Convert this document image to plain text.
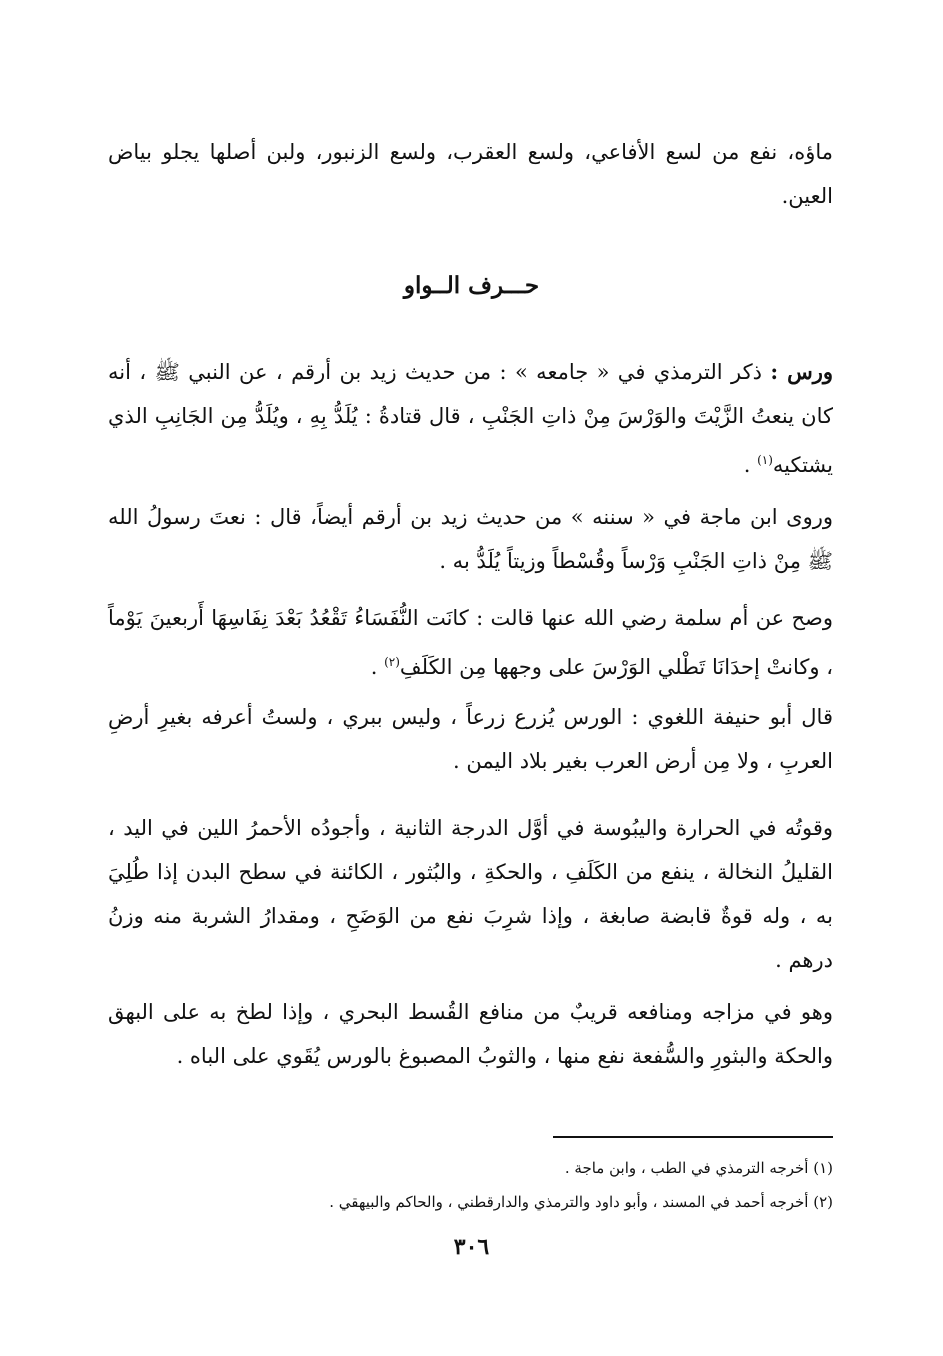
ماؤه، نفع من لسع الأفاعي، ولسع العقرب، ولسع الزنبور، ولبن أصلها يجلو بياض العين.
حـــرف الــواو
ورس : ذكر الترمذي في « جامعه » : من حديث زيد بن أرقم ، عن النبي ﷺ ، أنه كان ينعتُ الزَّيْتَ والوَرْسَ مِنْ ذاتِ الجَنْبِ ، قال قتادةُ : يُلَدُّ بِهِ ، ويُلَدُّ مِن الجَانِبِ الذي يشتكيه$^{(١)}$ .
وروى ابن ماجة في « سننه » من حديث زيد بن أرقم أيضاً، قال : نعتَ رسولُ الله ﷺ مِنْ ذاتِ الجَنْبِ وَرْساً وقُسْطاً وزيتاً يُلَدُّ به .
وصح عن أم سلمة رضي الله عنها قالت : كانَت النُّفَسَاءُ تَقْعُدُ بَعْدَ نِفَاسِهَا أَربعينَ يَوْماً ، وكانتْ إحدَانَا تَطْلي الوَرْسَ على وجهها مِن الكَلَفِ$^{(٢)}$ .
قال أبو حنيفة اللغوي : الورس يُزرع زرعاً ، وليس ببري ، ولستُ أعرفه بغيرِ أرضِ العربِ ، ولا مِن أرض العرب بغير بلاد اليمن .
وقوتُه في الحرارة واليبُوسة في أوَّل الدرجة الثانية ، وأجودُه الأحمرُ اللين في اليد ، القليلُ النخالة ، ينفع من الكَلَفِ ، والحكةِ ، والبُثور ، الكائنة في سطح البدن إذا طُلِيَ به ، وله قوةٌ قابضة صابغة ، وإذا شرِبَ نفع من الوَضَحِ ، ومقدارُ الشربة منه وزنُ درهم .
وهو في مزاجه ومنافعه قريبٌ من منافع القُسط البحري ، وإذا لطخ به على البهق والحكة والبثورِ والسُّفعة نفع منها ، والثوبُ المصبوغ بالورس يُقَوي على الباه .
(١) أخرجه الترمذي في الطب ، وابن ماجة .
(٢) أخرجه أحمد في المسند ، وأبو داود والترمذي والدارقطني ، والحاكم والبيهقي .
٣٠٦
